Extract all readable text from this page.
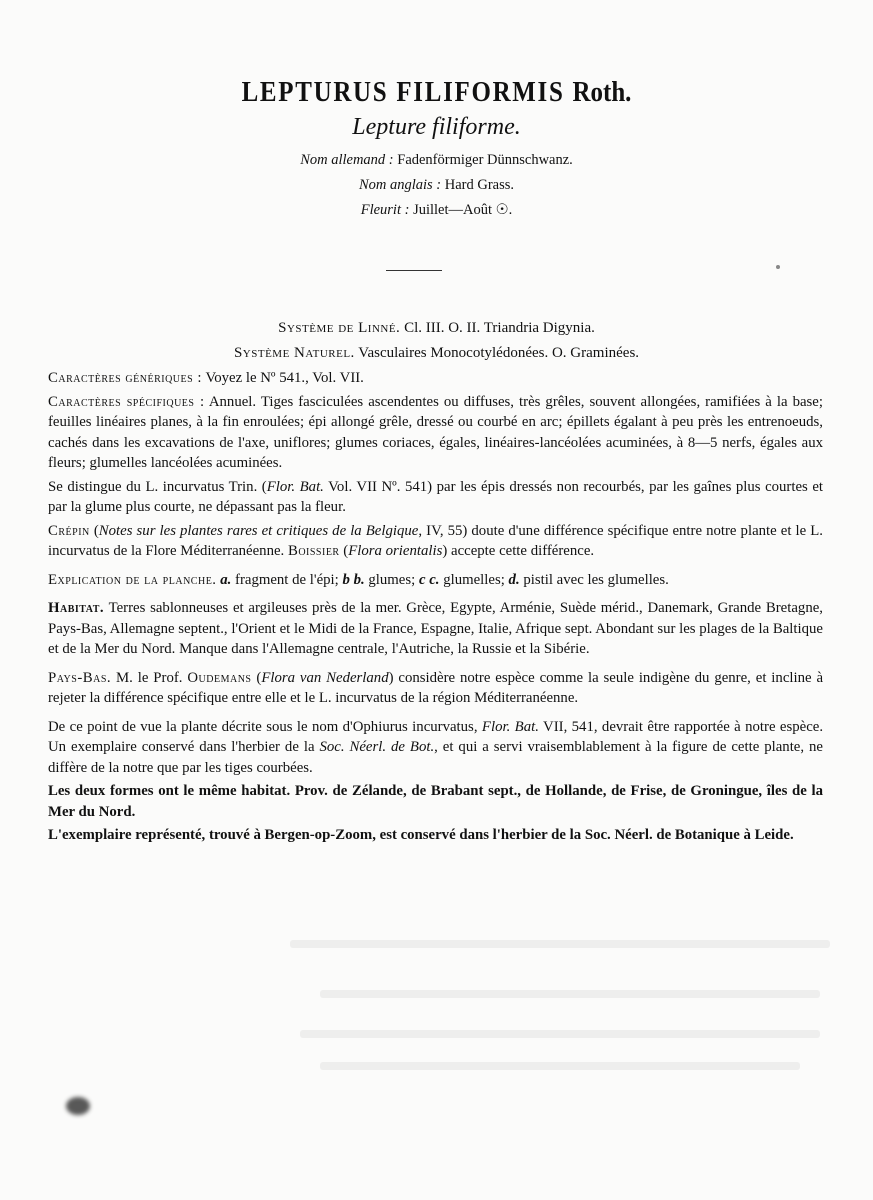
LEPTURUS FILIFORMIS Roth.
Lepture filiforme.
Nom allemand : Fadenförmiger Dünnschwanz.
Nom anglais : Hard Grass.
Fleurit : Juillet—Août ☉.
Système de Linné. Cl. III. O. II. Triandria Digynia.
Système Naturel. Vasculaires Monocotylédonées. O. Graminées.

Caractères génériques : Voyez le Nº 541., Vol. VII.

Caractères spécifiques : Annuel. Tiges fasciculées ascendentes ou diffuses, très grêles, souvent allongées, ramifiées à la base; feuilles linéaires planes, à la fin enroulées; épi allongé grêle, dressé ou courbé en arc; épillets égalant à peu près les entrenoeuds, cachés dans les excavations de l'axe, uniflores; glumes coriaces, égales, linéaires-lancéolées acuminées, à 8—5 nerfs, égales aux fleurs; glumelles lancéolées acuminées.

Se distingue du L. incurvatus Trin. (Flor. Bat. Vol. VII Nº. 541) par les épis dressés non recourbés, par les gaînes plus courtes et par la glume plus courte, ne dépassant pas la fleur.

Crépin (Notes sur les plantes rares et critiques de la Belgique, IV, 55) doute d'une différence spécifique entre notre plante et le L. incurvatus de la Flore Méditerranéenne. Boissier (Flora orientalis) accepte cette différence.

Explication de la planche. a. fragment de l'épi; b b. glumes; c c. glumelles; d. pistil avec les glumelles.

Habitat. Terres sablonneuses et argileuses près de la mer. Grèce, Egypte, Arménie, Suède mérid., Danemark, Grande Bretagne, Pays-Bas, Allemagne septent., l'Orient et le Midi de la France, Espagne, Italie, Afrique sept. Abondant sur les plages de la Baltique et de la Mer du Nord. Manque dans l'Allemagne centrale, l'Autriche, la Russie et la Sibérie.

Pays-Bas. M. le Prof. Oudemans (Flora van Nederland) considère notre espèce comme la seule indigène du genre, et incline à rejeter la différence spécifique entre elle et le L. incurvatus de la région Méditerranéenne.

De ce point de vue la plante décrite sous le nom d'Ophiurus incurvatus, Flor. Bat. VII, 541, devrait être rapportée à notre espèce. Un exemplaire conservé dans l'herbier de la Soc. Néerl. de Bot., et qui a servi vraisemblablement à la figure de cette plante, ne diffère de la notre que par les tiges courbées.

Les deux formes ont le même habitat. Prov. de Zélande, de Brabant sept., de Hollande, de Frise, de Groningue, îles de la Mer du Nord.

L'exemplaire représenté, trouvé à Bergen-op-Zoom, est conservé dans l'herbier de la Soc. Néerl. de Botanique à Leide.
